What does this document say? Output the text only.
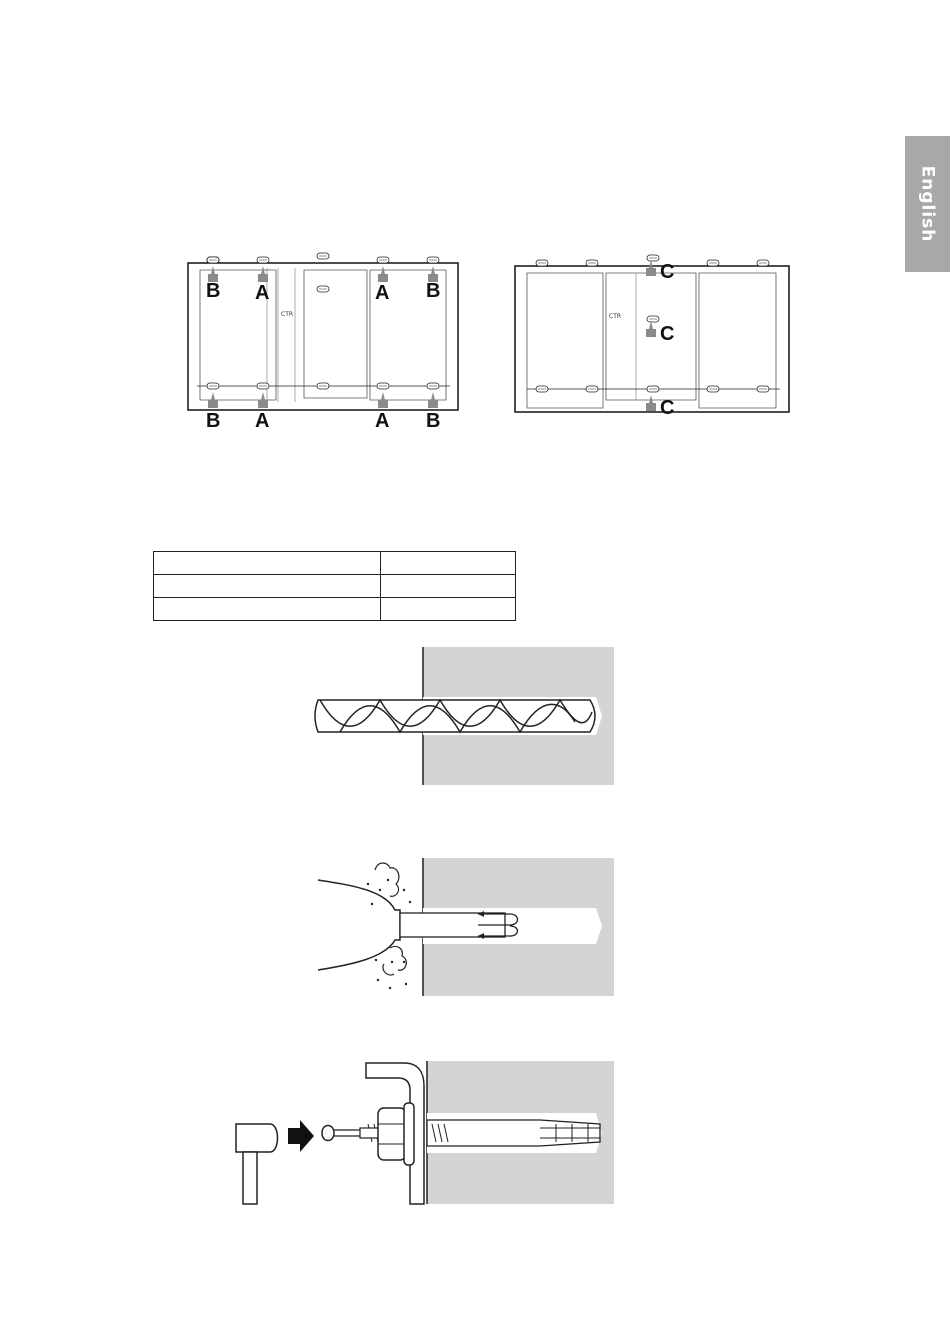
English
CTR
B A	A B
B A	A B
CTR
C
C
C
